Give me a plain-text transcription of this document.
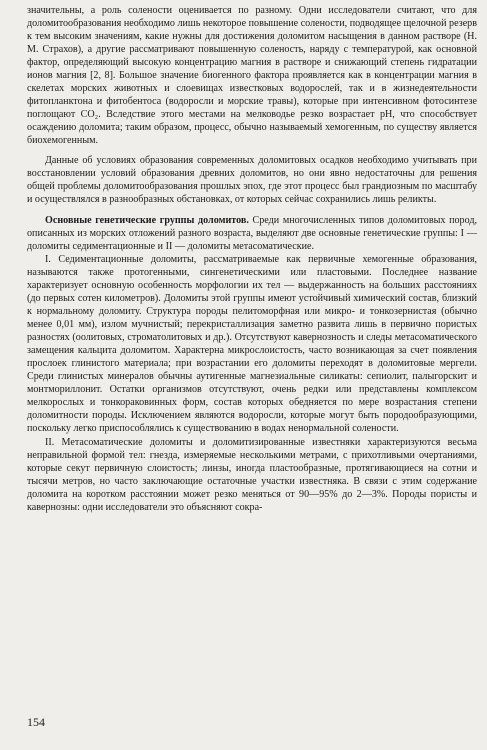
значительны, а роль солености оценивается по разному. Одни исследователи считают, что для доломитообразования необходимо лишь некоторое повышение солености, подводящее щелочной резерв к тем высоким значениям, какие нужны для достижения доломитом насыщения в данном растворе (Н. М. Страхов), а другие рассматривают повышенную соленость, наряду с температурой, как основной фактор, определяющий высокую концентрацию магния в растворе и снижающий степень гидратации ионов магния [2, 8]. Большое значение биогенного фактора проявляется как в концентрации магния в скелетах морских животных и слоевищах известковых водорослей, так и в жизнедеятельности фитопланктона и фитобентоса (водоросли и морские травы), которые при интенсивном фотосинтезе поглощают CO₂. Вследствие этого местами на мелководье резко возрастает pH, что способствует осаждению доломита; таким образом, процесс, обычно называемый хемогенным, по существу является биохемогенным.

Данные об условиях образования современных доломитовых осадков необходимо учитывать при восстановлении условий образования древних доломитов, но они явно недостаточны для решения общей проблемы доломитообразования прошлых эпох, где этот процесс был грандиозным по масштабу и осуществлялся в разнообразных обстановках, от которых сейчас сохранились лишь реликты.

Основные генетические группы доломитов. Среди многочисленных типов доломитовых пород, описанных из морских отложений разного возраста, выделяют две основные генетические группы: I — доломиты седиментационные и II — доломиты метасоматические.

I. Седиментационные доломиты, рассматриваемые как первичные хемогенные образования, называются также протогенными, сингенетическими или пластовыми. Последнее название характеризует основную особенность морфологии их тел — выдержанность на больших расстояниях (до первых сотен километров). Доломиты этой группы имеют устойчивый химический состав, близкий к нормальному доломиту. Структура породы пелитоморфная или микро- и тонкозернистая (обычно менее 0,01 мм), излом мучнистый; перекристаллизация заметно развита лишь в первично пористых разностях (оолитовых, строматолитовых и др.). Отсутствуют кавернозность и следы метасоматического замещения кальцита доломитом. Характерна микрослоистость, часто возникающая за счет появления прослоек глинистого материала; при возрастании его доломиты переходят в доломитовые мергели. Среди глинистых минералов обычны аутигенные магнезиальные силикаты: сепиолит, палыгорскит и монтмориллонит. Остатки организмов отсутствуют, очень редки или представлены комплексом мелкорослых и тонкораковинных форм, состав которых обедняется по мере возрастания степени доломитности породы. Исключением являются водоросли, которые могут быть породообразующими, поскольку легко приспособлялись к существованию в водах ненормальной солености.

II. Метасоматические доломиты и доломитизированные известняки характеризуются весьма неправильной формой тел: гнезда, измеряемые несколькими метрами, с прихотливыми очертаниями, которые секут первичную слоистость; линзы, иногда пластообразные, протягивающиеся на сотни и тысячи метров, но часто заключающие остаточные участки известняка. В связи с этим содержание доломита на коротком расстоянии может резко меняться от 90—95% до 2—3%. Породы пористы и кавернозны: одни исследователи это объясняют сокра-

154
